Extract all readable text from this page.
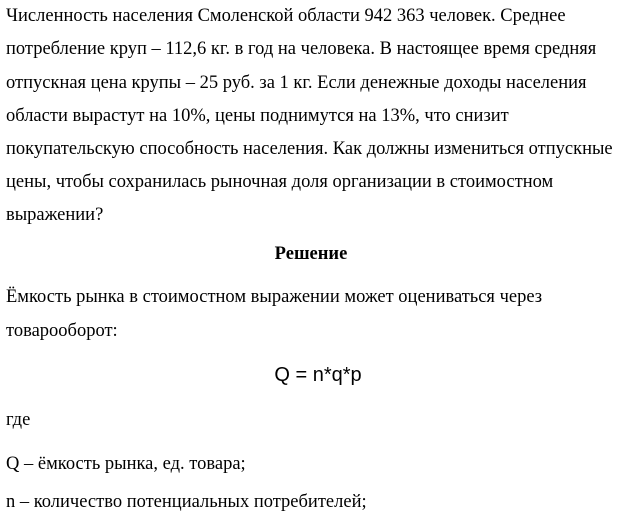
Численность населения Смоленской области 942 363 человек. Среднее
потребление круп – 112,6 кг. в год на человека. В настоящее время средняя
отпускная цена крупы – 25 руб. за 1 кг. Если денежные доходы населения
области вырастут на 10%, цены поднимутся на 13%, что снизит
покупательскую способность населения. Как должны измениться отпускные
цены, чтобы сохранилась рыночная доля организации в стоимостном
выражении?
Решение
Ёмкость рынка в стоимостном выражении может оцениваться через
товарооборот:
Q = n*q*p
где
Q – ёмкость рынка, ед. товара;
n – количество потенциальных потребителей;
